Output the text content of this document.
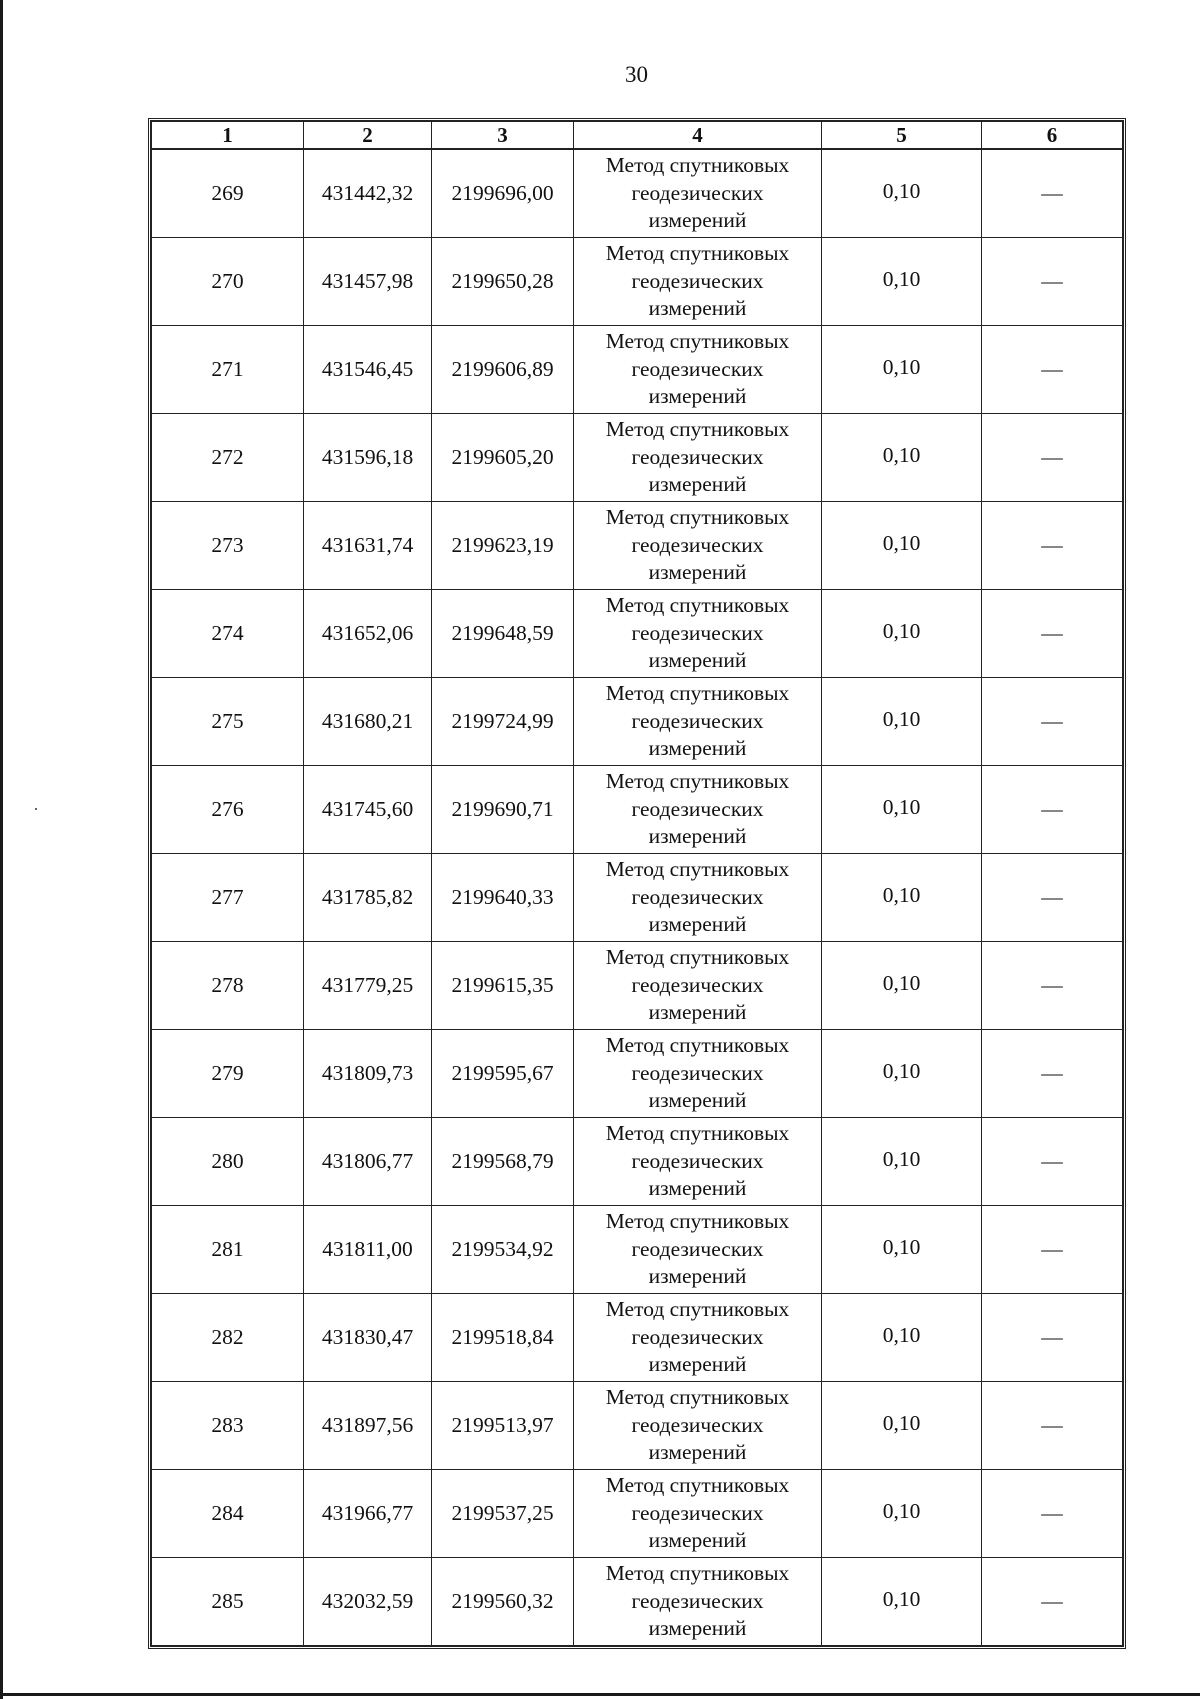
30
1	2	3	4	5	6
269	431442,32	2199696,00	Метод спутниковых
геодезических
измерений	0,10	—
270	431457,98	2199650,28	Метод спутниковых
геодезических
измерений	0,10	—
271	431546,45	2199606,89	Метод спутниковых
геодезических
измерений	0,10	—
272	431596,18	2199605,20	Метод спутниковых
геодезических
измерений	0,10	—
273	431631,74	2199623,19	Метод спутниковых
геодезических
измерений	0,10	—
274	431652,06	2199648,59	Метод спутниковых
геодезических
измерений	0,10	—
275	431680,21	2199724,99	Метод спутниковых
геодезических
измерений	0,10	—
276	431745,60	2199690,71	Метод спутниковых
геодезических
измерений	0,10	—
277	431785,82	2199640,33	Метод спутниковых
геодезических
измерений	0,10	—
278	431779,25	2199615,35	Метод спутниковых
геодезических
измерений	0,10	—
279	431809,73	2199595,67	Метод спутниковых
геодезических
измерений	0,10	—
280	431806,77	2199568,79	Метод спутниковых
геодезических
измерений	0,10	—
281	431811,00	2199534,92	Метод спутниковых
геодезических
измерений	0,10	—
282	431830,47	2199518,84	Метод спутниковых
геодезических
измерений	0,10	—
283	431897,56	2199513,97	Метод спутниковых
геодезических
измерений	0,10	—
284	431966,77	2199537,25	Метод спутниковых
геодезических
измерений	0,10	—
285	432032,59	2199560,32	Метод спутниковых
геодезических
измерений	0,10	—
